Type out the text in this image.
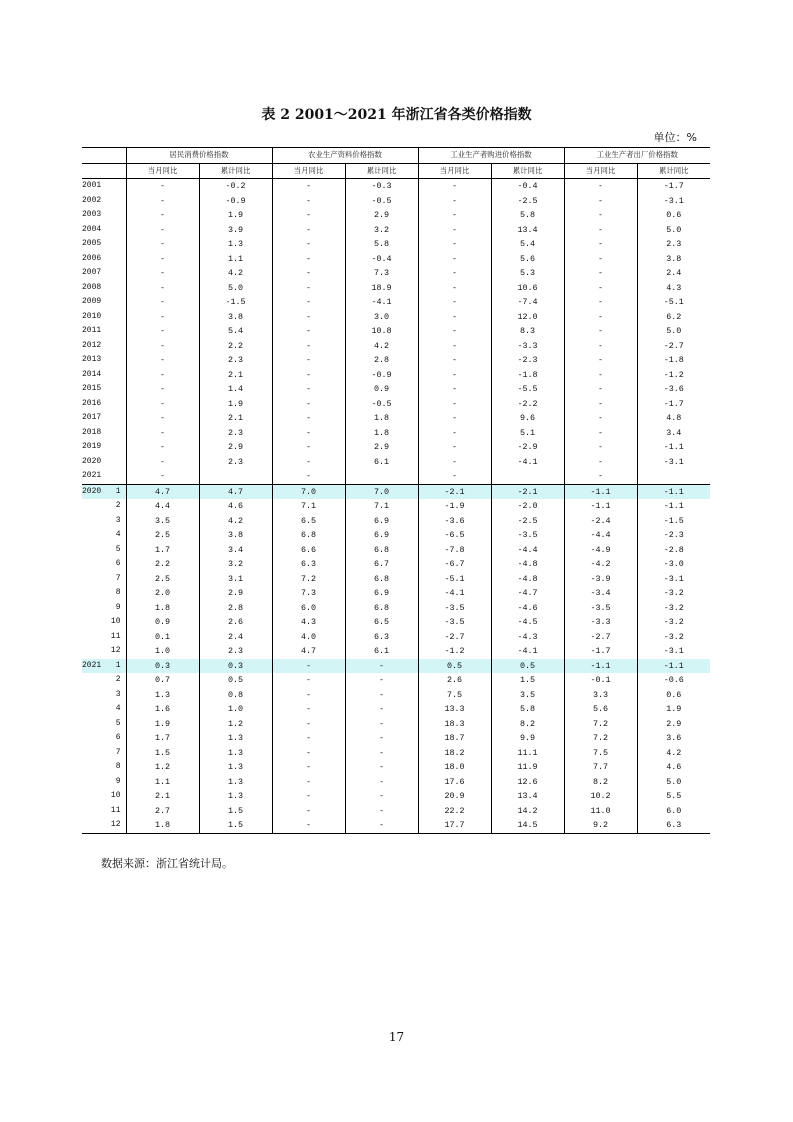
表 2 2001～2021 年浙江省各类价格指数
单位：%
	居民消费价格指数		农业生产资料价格指数		工业生产者购进价格指数		工业生产者出厂价格指数	
	当月同比	累计同比	当月同比	累计同比	当月同比	累计同比	当月同比	累计同比
2001	-	-0.2	-	-0.3	-	-0.4	-	-1.7
2002	-	-0.9	-	-0.5	-	-2.5	-	-3.1
2003	-	1.9	-	2.9	-	5.8	-	0.6
2004	-	3.9	-	3.2	-	13.4	-	5.0
2005	-	1.3	-	5.8	-	5.4	-	2.3
2006	-	1.1	-	-0.4	-	5.6	-	3.8
2007	-	4.2	-	7.3	-	5.3	-	2.4
2008	-	5.0	-	18.9	-	10.6	-	4.3
2009	-	-1.5	-	-4.1	-	-7.4	-	-5.1
2010	-	3.8	-	3.0	-	12.0	-	6.2
2011	-	5.4	-	10.8	-	8.3	-	5.0
2012	-	2.2	-	4.2	-	-3.3	-	-2.7
2013	-	2.3	-	2.8	-	-2.3	-	-1.8
2014	-	2.1	-	-0.9	-	-1.8	-	-1.2
2015	-	1.4	-	0.9	-	-5.5	-	-3.6
2016	-	1.9	-	-0.5	-	-2.2	-	-1.7
2017	-	2.1	-	1.8	-	9.6	-	4.8
2018	-	2.3	-	1.8	-	5.1	-	3.4
2019	-	2.9	-	2.9	-	-2.9	-	-1.1
2020	-	2.3	-	6.1	-	-4.1	-	-3.1
2021	-		-		-		-	
2020 1	4.7	4.7	7.0	7.0	-2.1	-2.1	-1.1	-1.1

2	4.4	4.6	7.1	7.1	-1.9	-2.0	-1.1	-1.1

3	3.5	4.2	6.5	6.9	-3.6	-2.5	-2.4	-1.5

4	2.5	3.8	6.8	6.9	-6.5	-3.5	-4.4	-2.3

5	1.7	3.4	6.6	6.8	-7.8	-4.4	-4.9	-2.8

6	2.2	3.2	6.3	6.7	-6.7	-4.8	-4.2	-3.0

7	2.5	3.1	7.2	6.8	-5.1	-4.8	-3.9	-3.1

8	2.0	2.9	7.3	6.9	-4.1	-4.7	-3.4	-3.2

9	1.8	2.8	6.0	6.8	-3.5	-4.6	-3.5	-3.2

10	0.9	2.6	4.3	6.5	-3.5	-4.5	-3.3	-3.2

11	0.1	2.4	4.0	6.3	-2.7	-4.3	-2.7	-3.2

12	1.0	2.3	4.7	6.1	-1.2	-4.1	-1.7	-3.1
2021 1	0.3	0.3	-	-	0.5	0.5	-1.1	-1.1

2	0.7	0.5	-	-	2.6	1.5	-0.1	-0.6

3	1.3	0.8	-	-	7.5	3.5	3.3	0.6

4	1.6	1.0	-	-	13.3	5.8	5.6	1.9

5	1.9	1.2	-	-	18.3	8.2	7.2	2.9

6	1.7	1.3	-	-	18.7	9.9	7.2	3.6

7	1.5	1.3	-	-	18.2	11.1	7.5	4.2

8	1.2	1.3	-	-	18.0	11.9	7.7	4.6

9	1.1	1.3	-	-	17.6	12.6	8.2	5.0

10	2.1	1.3	-	-	20.9	13.4	10.2	5.5

11	2.7	1.5	-	-	22.2	14.2	11.0	6.0

12	1.8	1.5	-	-	17.7	14.5	9.2	6.3
数据来源：浙江省统计局。
17
